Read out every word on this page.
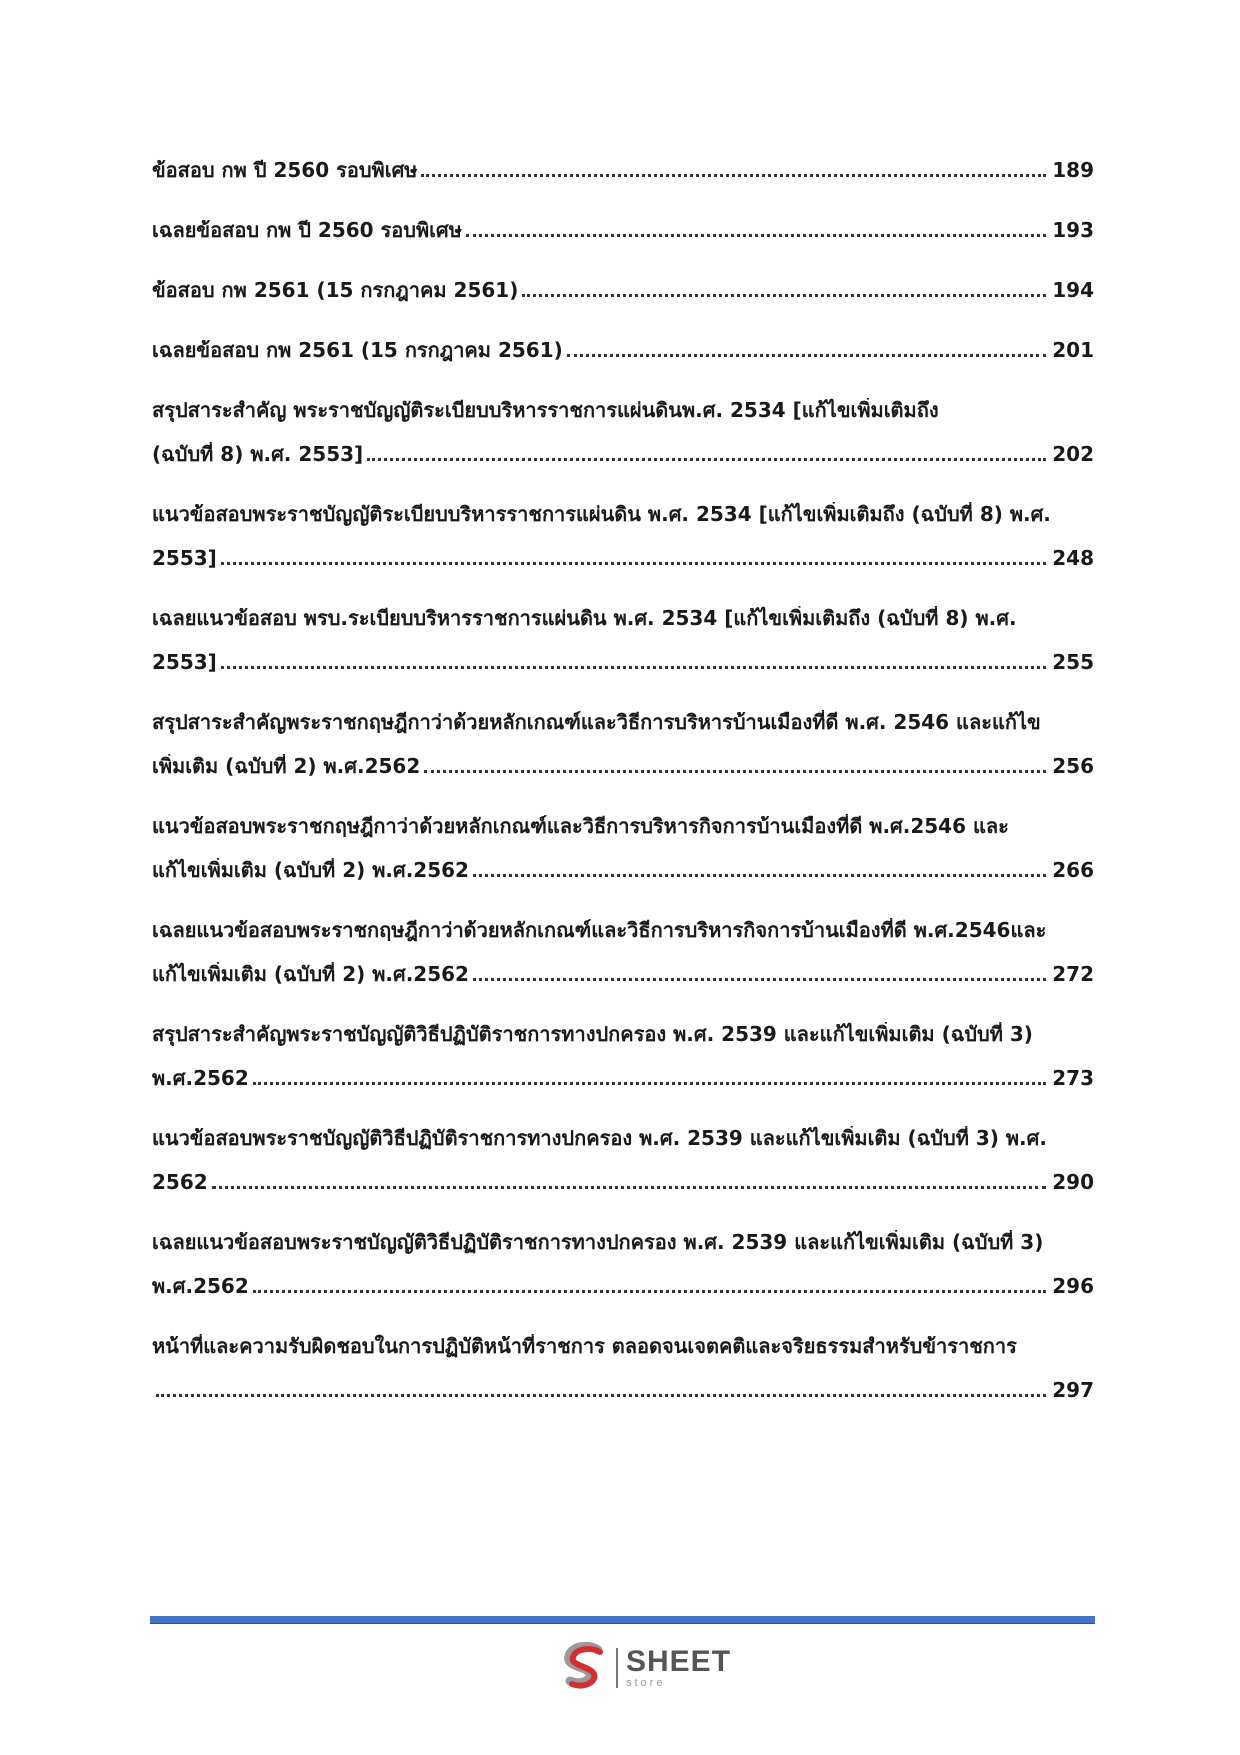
ข้อสอบ กพ ปี 2560 รอบพิเศษ	189
เฉลยข้อสอบ กพ ปี 2560 รอบพิเศษ	193
ข้อสอบ กพ 2561 (15 กรกฎาคม 2561)	194
เฉลยข้อสอบ กพ 2561 (15 กรกฎาคม 2561)	201
สรุปสาระสำคัญ พระราชบัญญัติระเบียบบริหารราชการแผ่นดินพ.ศ. 2534 [แก้ไขเพิ่มเติมถึง
(ฉบับที่ 8) พ.ศ. 2553]	202
แนวข้อสอบพระราชบัญญัติระเบียบบริหารราชการแผ่นดิน พ.ศ. 2534 [แก้ไขเพิ่มเติมถึง (ฉบับที่ 8) พ.ศ.
2553]	248
เฉลยแนวข้อสอบ พรบ.ระเบียบบริหารราชการแผ่นดิน พ.ศ. 2534 [แก้ไขเพิ่มเติมถึง (ฉบับที่ 8) พ.ศ.
2553]	255
สรุปสาระสำคัญพระราชกฤษฎีกาว่าด้วยหลักเกณฑ์และวิธีการบริหารบ้านเมืองที่ดี พ.ศ. 2546 และแก้ไข
เพิ่มเติม (ฉบับที่ 2) พ.ศ.2562	256
แนวข้อสอบพระราชกฤษฎีกาว่าด้วยหลักเกณฑ์และวิธีการบริหารกิจการบ้านเมืองที่ดี พ.ศ.2546 และ
แก้ไขเพิ่มเติม (ฉบับที่ 2) พ.ศ.2562	266
เฉลยแนวข้อสอบพระราชกฤษฎีกาว่าด้วยหลักเกณฑ์และวิธีการบริหารกิจการบ้านเมืองที่ดี พ.ศ.2546และ
แก้ไขเพิ่มเติม (ฉบับที่ 2) พ.ศ.2562	272
สรุปสาระสำคัญพระราชบัญญัติวิธีปฏิบัติราชการทางปกครอง พ.ศ. 2539 และแก้ไขเพิ่มเติม (ฉบับที่ 3)
พ.ศ.2562	273
แนวข้อสอบพระราชบัญญัติวิธีปฏิบัติราชการทางปกครอง พ.ศ. 2539 และแก้ไขเพิ่มเติม (ฉบับที่ 3) พ.ศ.
2562	290
เฉลยแนวข้อสอบพระราชบัญญัติวิธีปฏิบัติราชการทางปกครอง พ.ศ. 2539 และแก้ไขเพิ่มเติม (ฉบับที่ 3)
พ.ศ.2562	296
หน้าที่และความรับผิดชอบในการปฏิบัติหน้าที่ราชการ ตลอดจนเจตคติและจริยธรรมสำหรับข้าราชการ
297
SHEET
store
